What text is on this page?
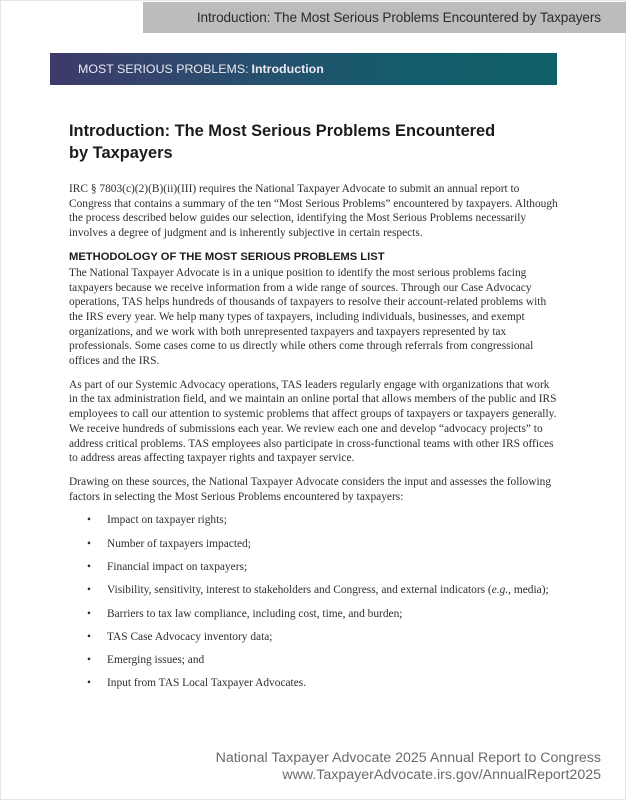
Introduction: The Most Serious Problems Encountered by Taxpayers
MOST SERIOUS PROBLEMS: Introduction
Introduction: The Most Serious Problems Encountered by Taxpayers

IRC § 7803(c)(2)(B)(ii)(III) requires the National Taxpayer Advocate to submit an annual report to Congress that contains a summary of the ten “Most Serious Problems” encountered by taxpayers. Although the process described below guides our selection, identifying the Most Serious Problems necessarily involves a degree of judgment and is inherently subjective in certain respects.

METHODOLOGY OF THE MOST SERIOUS PROBLEMS LIST

The National Taxpayer Advocate is in a unique position to identify the most serious problems facing taxpayers because we receive information from a wide range of sources. Through our Case Advocacy operations, TAS helps hundreds of thousands of taxpayers to resolve their account-related problems with the IRS every year. We help many types of taxpayers, including individuals, businesses, and exempt organizations, and we work with both unrepresented taxpayers and taxpayers represented by tax professionals. Some cases come to us directly while others come through referrals from congressional offices and the IRS.

As part of our Systemic Advocacy operations, TAS leaders regularly engage with organizations that work in the tax administration field, and we maintain an online portal that allows members of the public and IRS employees to call our attention to systemic problems that affect groups of taxpayers or taxpayers generally. We receive hundreds of submissions each year. We review each one and develop “advocacy projects” to address critical problems. TAS employees also participate in cross-functional teams with other IRS offices to address areas affecting taxpayer rights and taxpayer service.

Drawing on these sources, the National Taxpayer Advocate considers the input and assesses the following factors in selecting the Most Serious Problems encountered by taxpayers:

• Impact on taxpayer rights;
• Number of taxpayers impacted;
• Financial impact on taxpayers;
• Visibility, sensitivity, interest to stakeholders and Congress, and external indicators (e.g., media);
• Barriers to tax law compliance, including cost, time, and burden;
• TAS Case Advocacy inventory data;
• Emerging issues; and
• Input from TAS Local Taxpayer Advocates.
National Taxpayer Advocate 2025 Annual Report to Congress
www.TaxpayerAdvocate.irs.gov/AnnualReport2025
